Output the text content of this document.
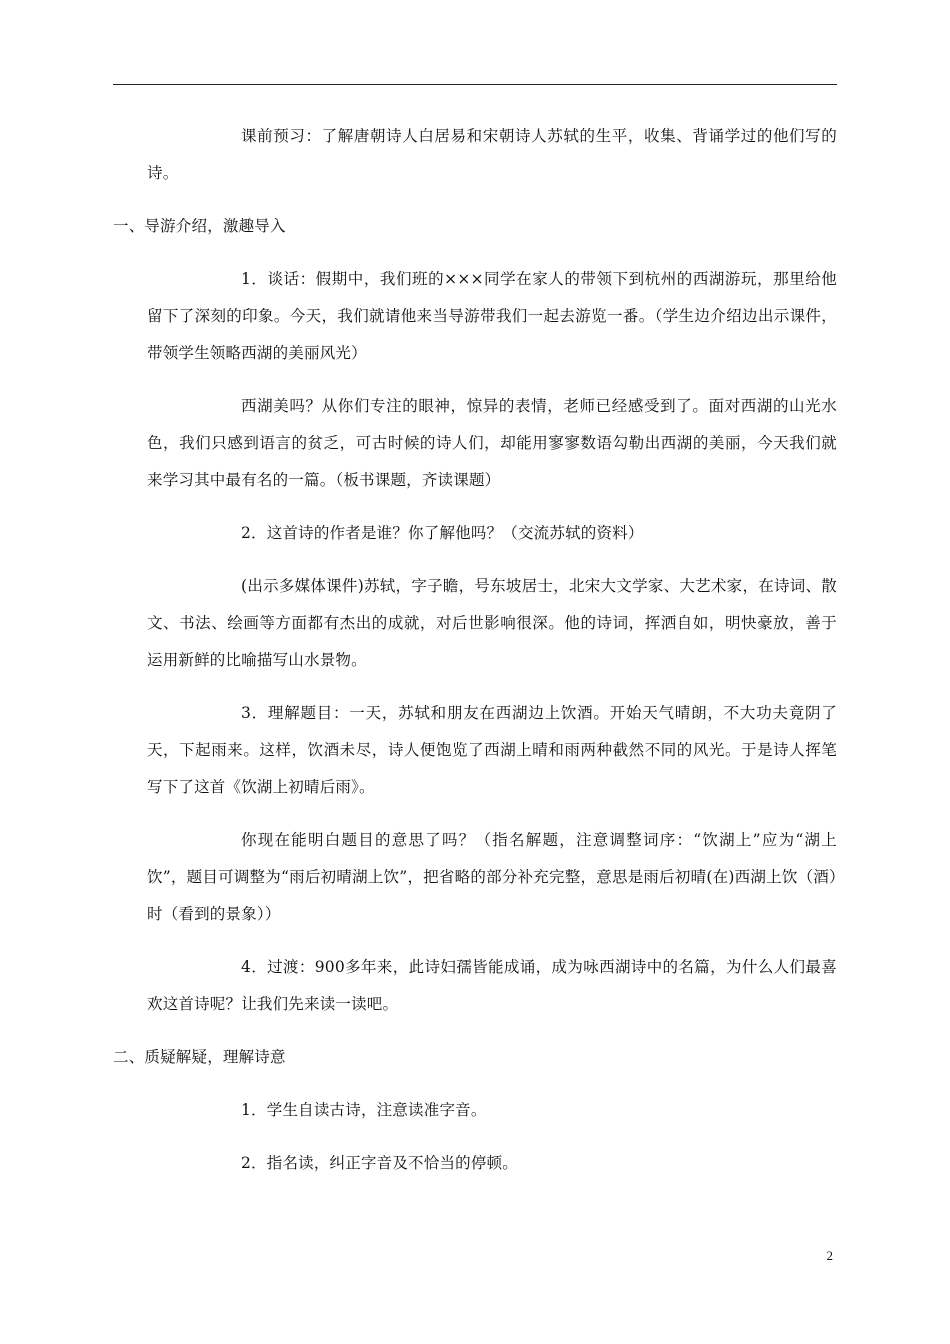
课前预习：了解唐朝诗人白居易和宋朝诗人苏轼的生平，收集、背诵学过的他们写的诗。

一、导游介绍，激趣导入

1．谈话：假期中，我们班的×××同学在家人的带领下到杭州的西湖游玩，那里给他留下了深刻的印象。今天，我们就请他来当导游带我们一起去游览一番。（学生边介绍边出示课件，带领学生领略西湖的美丽风光）

西湖美吗？从你们专注的眼神，惊异的表情，老师已经感受到了。面对西湖的山光水色，我们只感到语言的贫乏，可古时候的诗人们，却能用寥寥数语勾勒出西湖的美丽，今天我们就来学习其中最有名的一篇。（板书课题，齐读课题）

2．这首诗的作者是谁？你了解他吗？（交流苏轼的资料）

(出示多媒体课件)苏轼，字子瞻，号东坡居士，北宋大文学家、大艺术家，在诗词、散文、书法、绘画等方面都有杰出的成就，对后世影响很深。他的诗词，挥洒自如，明快豪放，善于运用新鲜的比喻描写山水景物。

3．理解题目：一天，苏轼和朋友在西湖边上饮酒。开始天气晴朗，不大功夫竟阴了天，下起雨来。这样，饮酒未尽，诗人便饱览了西湖上晴和雨两种截然不同的风光。于是诗人挥笔写下了这首《饮湖上初晴后雨》。

你现在能明白题目的意思了吗？（指名解题，注意调整词序：“饮湖上”应为“湖上饮”，题目可调整为“雨后初晴湖上饮”，把省略的部分补充完整，意思是雨后初晴(在)西湖上饮（酒）时（看到的景象））

4．过渡：900多年来，此诗妇孺皆能成诵，成为咏西湖诗中的名篇，为什么人们最喜欢这首诗呢？让我们先来读一读吧。

二、质疑解疑，理解诗意

1．学生自读古诗，注意读准字音。

2．指名读，纠正字音及不恰当的停顿。

2
